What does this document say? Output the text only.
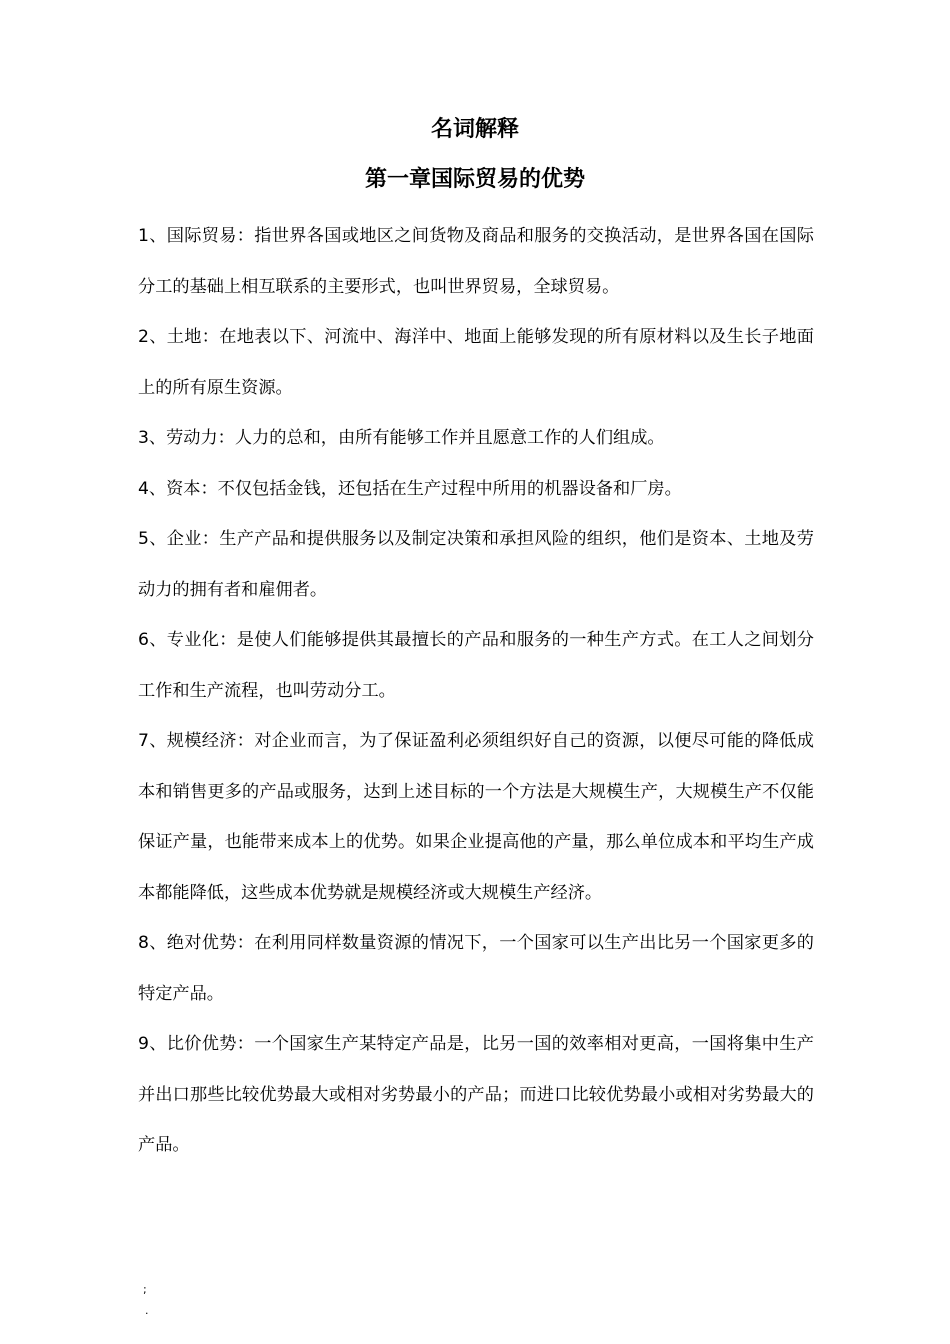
名词解释
第一章国际贸易的优势
1、国际贸易：指世界各国或地区之间货物及商品和服务的交换活动，是世界各国在国际分工的基础上相互联系的主要形式，也叫世界贸易，全球贸易。
2、土地：在地表以下、河流中、海洋中、地面上能够发现的所有原材料以及生长子地面上的所有原生资源。
3、劳动力：人力的总和，由所有能够工作并且愿意工作的人们组成。
4、资本：不仅包括金钱，还包括在生产过程中所用的机器设备和厂房。
5、企业：生产产品和提供服务以及制定决策和承担风险的组织，他们是资本、土地及劳动力的拥有者和雇佣者。
6、专业化：是使人们能够提供其最擅长的产品和服务的一种生产方式。在工人之间划分工作和生产流程，也叫劳动分工。
7、规模经济：对企业而言，为了保证盈利必须组织好自己的资源，以便尽可能的降低成本和销售更多的产品或服务，达到上述目标的一个方法是大规模生产，大规模生产不仅能保证产量，也能带来成本上的优势。如果企业提高他的产量，那么单位成本和平均生产成本都能降低，这些成本优势就是规模经济或大规模生产经济。
8、绝对优势：在利用同样数量资源的情况下，一个国家可以生产出比另一个国家更多的特定产品。
9、比价优势：一个国家生产某特定产品是，比另一国的效率相对更高，一国将集中生产并出口那些比较优势最大或相对劣势最小的产品；而进口比较优势最小或相对劣势最大的产品。
;
.
